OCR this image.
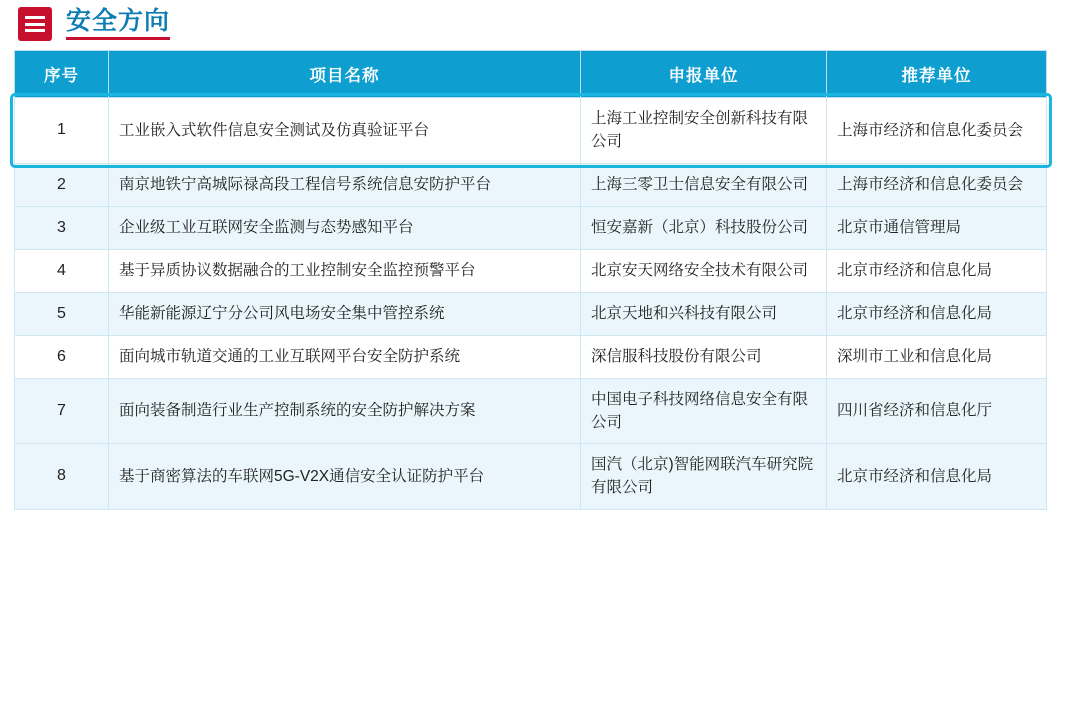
安全方向
序号	项目名称	申报单位	推荐单位
1	工业嵌入式软件信息安全测试及仿真验证平台	上海工业控制安全创新科技有限公司	上海市经济和信息化委员会
2	南京地铁宁高城际禄高段工程信号系统信息安防护平台	上海三零卫士信息安全有限公司	上海市经济和信息化委员会
3	企业级工业互联网安全监测与态势感知平台	恒安嘉新（北京）科技股份公司	北京市通信管理局
4	基于异质协议数据融合的工业控制安全监控预警平台	北京安天网络安全技术有限公司	北京市经济和信息化局
5	华能新能源辽宁分公司风电场安全集中管控系统	北京天地和兴科技有限公司	北京市经济和信息化局
6	面向城市轨道交通的工业互联网平台安全防护系统	深信服科技股份有限公司	深圳市工业和信息化局
7	面向装备制造行业生产控制系统的安全防护解决方案	中国电子科技网络信息安全有限公司	四川省经济和信息化厅
8	基于商密算法的车联网5G-V2X通信安全认证防护平台	国汽（北京)智能网联汽车研究院有限公司	北京市经济和信息化局
